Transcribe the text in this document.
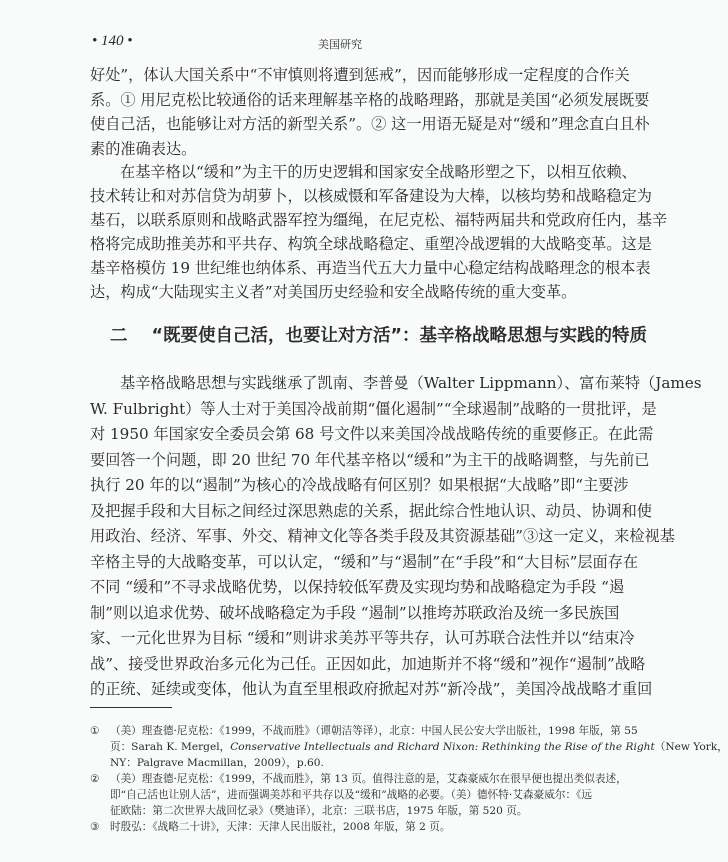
• 140 •	美国研究
好处”，体认大国关系中“不审慎则将遭到惩戒”，因而能够形成一定程度的合作关
系。① 用尼克松比较通俗的话来理解基辛格的战略理路，那就是美国“必须发展既要
使自己活，也能够让对方活的新型关系”。② 这一用语无疑是对“缓和”理念直白且朴
素的准确表达。
在基辛格以“缓和”为主干的历史逻辑和国家安全战略形塑之下，以相互依赖、
技术转让和对苏信贷为胡萝卜，以核威慑和军备建设为大棒，以核均势和战略稳定为
基石，以联系原则和战略武器军控为缰绳，在尼克松、福特两届共和党政府任内，基辛
格将完成助推美苏和平共存、构筑全球战略稳定、重塑冷战逻辑的大战略变革。这是
基辛格模仿 19 世纪维也纳体系、再造当代五大力量中心稳定结构战略理念的根本表
达，构成“大陆现实主义者”对美国历史经验和安全战略传统的重大变革。
二 “既要使自己活，也要让对方活”：基辛格战略思想与实践的特质
基辛格战略思想与实践继承了凯南、李普曼（Walter Lippmann）、富布莱特（James
W. Fulbright）等人士对于美国冷战前期“僵化遏制”“全球遏制”战略的一贯批评，是
对 1950 年国家安全委员会第 68 号文件以来美国冷战战略传统的重要修正。在此需
要回答一个问题，即 20 世纪 70 年代基辛格以“缓和”为主干的战略调整，与先前已
执行 20 年的以“遏制”为核心的冷战战略有何区别？如果根据“大战略”即“主要涉
及把握手段和大目标之间经过深思熟虑的关系，据此综合性地认识、动员、协调和使
用政治、经济、军事、外交、精神文化等各类手段及其资源基础”③这一定义，来检视基
辛格主导的大战略变革，可以认定，“缓和”与“遏制”在“手段”和“大目标”层面存在
不同 “缓和”不寻求战略优势，以保持较低军费及实现均势和战略稳定为手段 “遏
制”则以追求优势、破坏战略稳定为手段 “遏制”以推垮苏联政治及统一多民族国
家、一元化世界为目标 “缓和”则讲求美苏平等共存，认可苏联合法性并以“结束冷
战”、接受世界政治多元化为己任。正因如此，加迪斯并不将“缓和”视作“遏制”战略
的正统、延续或变体，他认为直至里根政府掀起对苏“新冷战”，美国冷战战略才重回
① （美）理查德·尼克松：《1999，不战而胜》（谭朝洁等译），北京：中国人民公安大学出版社，1998 年版，第 55
页：Sarah K. Mergel，Conservative Intellectuals and Richard Nixon: Rethinking the Rise of the Right（New York，
NY：Palgrave Macmillan，2009），p.60.
② （美）理查德·尼克松：《1999，不战而胜》，第 13 页。值得注意的是，艾森豪威尔在很早便也提出类似表述，
即“自己活也让别人活”，进而强调美苏和平共存以及“缓和”战略的必要。（美）德怀特·艾森豪威尔：《远
征欧陆：第二次世界大战回忆录》（樊迪译），北京：三联书店，1975 年版，第 520 页。
③ 时殷弘：《战略二十讲》，天津：天津人民出版社，2008 年版，第 2 页。
